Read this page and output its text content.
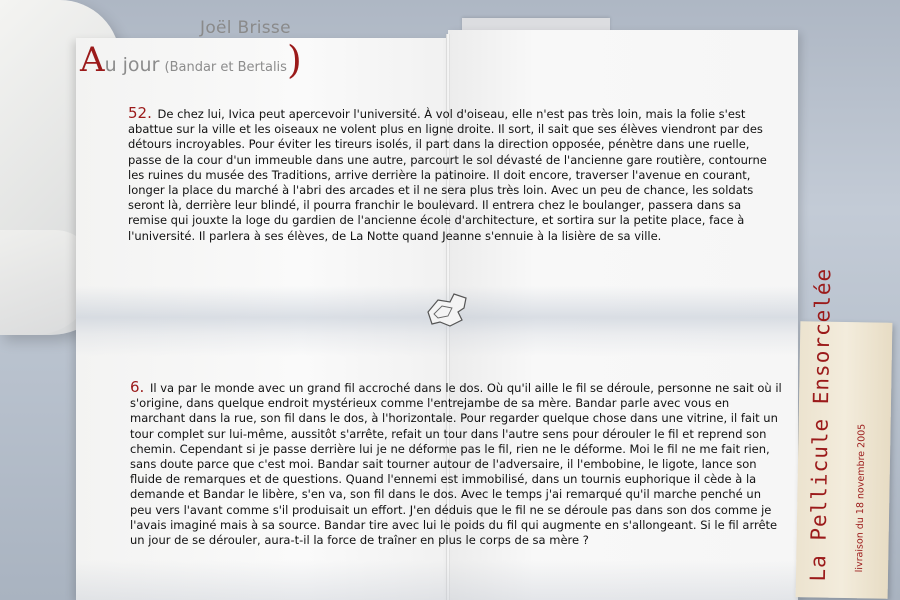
Joël Brisse
Au jour (Bandar et Bertalis)
52. De chez lui, Ivica peut apercevoir l'université. À vol d'oiseau, elle n'est pas très loin, mais la folie s'est abattue sur la ville et les oiseaux ne volent plus en ligne droite. Il sort, il sait que ses élèves viendront par des détours incroyables. Pour éviter les tireurs isolés, il part dans la direction opposée, pénètre dans une ruelle, passe de la cour d'un immeuble dans une autre, parcourt le sol dévasté de l'ancienne gare routière, contourne les ruines du musée des Traditions, arrive derrière la patinoire. Il doit encore, traverser l'avenue en courant, longer la place du marché à l'abri des arcades et il ne sera plus très loin. Avec un peu de chance, les soldats seront là, derrière leur blindé, il pourra franchir le boulevard. Il entrera chez le boulanger, passera dans sa remise qui jouxte la loge du gardien de l'ancienne école d'architecture, et sortira sur la petite place, face à l'université. Il parlera à ses élèves, de La Notte quand Jeanne s'ennuie à la lisière de sa ville.
6. Il va par le monde avec un grand fil accroché dans le dos. Où qu'il aille le fil se déroule, personne ne sait où il s'origine, dans quelque endroit mystérieux comme l'entrejambe de sa mère. Bandar parle avec vous en marchant dans la rue, son fil dans le dos, à l'horizontale. Pour regarder quelque chose dans une vitrine, il fait un tour complet sur lui-même, aussitôt s'arrête, refait un tour dans l'autre sens pour dérouler le fil et reprend son chemin. Cependant si je passe derrière lui je ne déforme pas le fil, rien ne le déforme. Moi le fil ne me fait rien, sans doute parce que c'est moi. Bandar sait tourner autour de l'adversaire, il l'embobine, le ligote, lance son fluide de remarques et de questions. Quand l'ennemi est immobilisé, dans un tournis euphorique il cède à la demande et Bandar le libère, s'en va, son fil dans le dos. Avec le temps j'ai remarqué qu'il marche penché un peu vers l'avant comme s'il produisait un effort. J'en déduis que le fil ne se déroule pas dans son dos comme je l'avais imaginé mais à sa source. Bandar tire avec lui le poids du fil qui augmente en s'allongeant. Si le fil arrête un jour de se dérouler, aura-t-il la force de traîner en plus le corps de sa mère ?	La Pellicule Ensorcelée livraison du 18 novembre 2005
